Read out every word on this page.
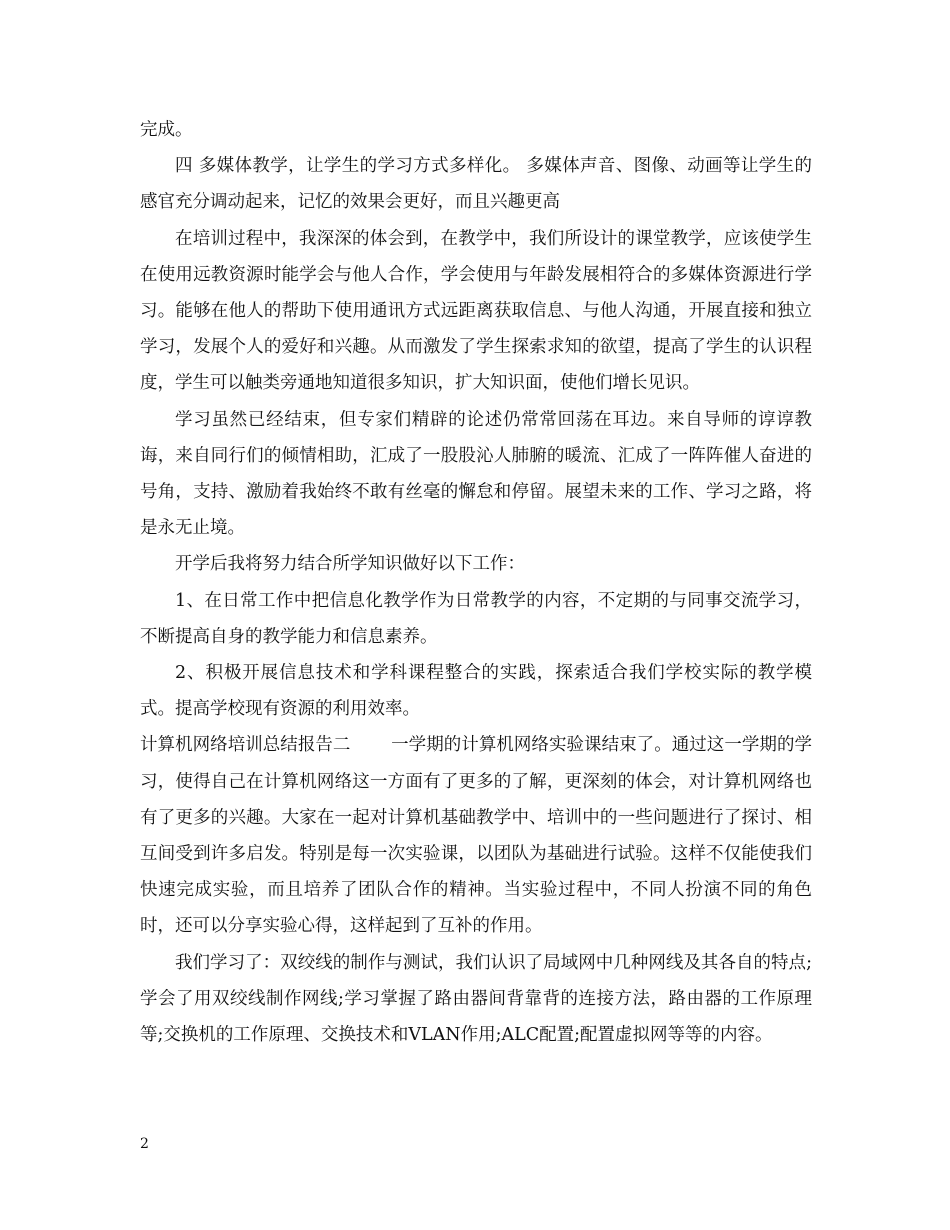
完成。

四 多媒体教学，让学生的学习方式多样化。 多媒体声音、图像、动画等让学生的感官充分调动起来，记忆的效果会更好，而且兴趣更高

在培训过程中，我深深的体会到，在教学中，我们所设计的课堂教学，应该使学生在使用远教资源时能学会与他人合作，学会使用与年龄发展相符合的多媒体资源进行学习。能够在他人的帮助下使用通讯方式远距离获取信息、与他人沟通，开展直接和独立学习，发展个人的爱好和兴趣。从而激发了学生探索求知的欲望，提高了学生的认识程度，学生可以触类旁通地知道很多知识，扩大知识面，使他们增长见识。

学习虽然已经结束，但专家们精辟的论述仍常常回荡在耳边。来自导师的谆谆教诲，来自同行们的倾情相助，汇成了一股股沁人肺腑的暖流、汇成了一阵阵催人奋进的号角，支持、激励着我始终不敢有丝毫的懈怠和停留。展望未来的工作、学习之路，将是永无止境。

开学后我将努力结合所学知识做好以下工作：

1、在日常工作中把信息化教学作为日常教学的内容，不定期的与同事交流学习，不断提高自身的教学能力和信息素养。

2、积极开展信息技术和学科课程整合的实践，探索适合我们学校实际的教学模式。提高学校现有资源的利用效率。

计算机网络培训总结报告二　　 一学期的计算机网络实验课结束了。通过这一学期的学习，使得自己在计算机网络这一方面有了更多的了解，更深刻的体会，对计算机网络也有了更多的兴趣。大家在一起对计算机基础教学中、培训中的一些问题进行了探讨、相互间受到许多启发。特别是每一次实验课，以团队为基础进行试验。这样不仅能使我们快速完成实验，而且培养了团队合作的精神。当实验过程中，不同人扮演不同的角色时，还可以分享实验心得，这样起到了互补的作用。

我们学习了：双绞线的制作与测试，我们认识了局域网中几种网线及其各自的特点;学会了用双绞线制作网线;学习掌握了路由器间背靠背的连接方法，路由器的工作原理等;交换机的工作原理、交换技术和VLAN作用;ALC配置;配置虚拟网等等的内容。

2
